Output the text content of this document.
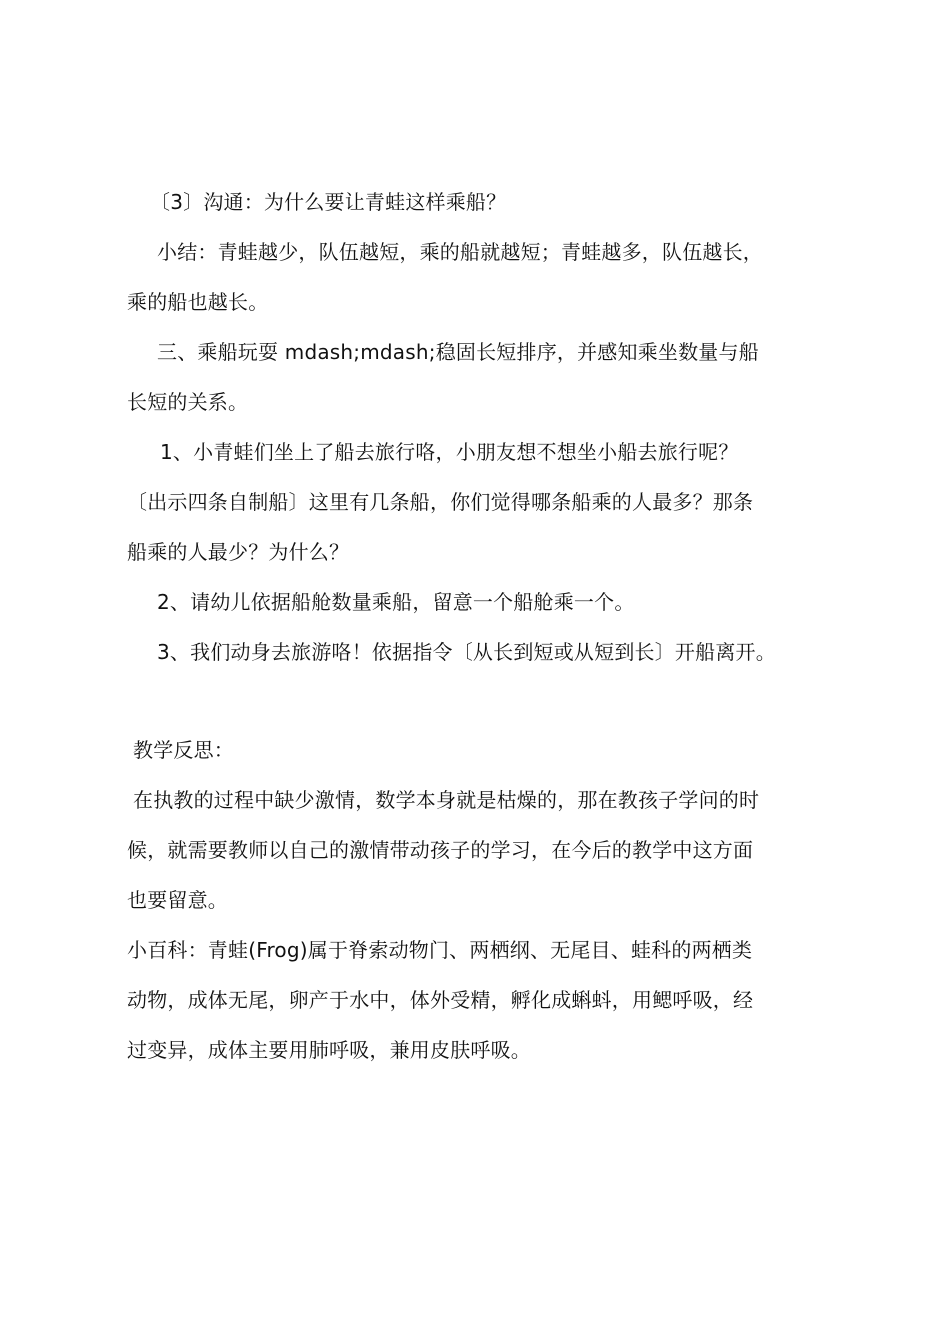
〔3〕沟通：为什么要让青蛙这样乘船？
小结：青蛙越少，队伍越短，乘的船就越短；青蛙越多，队伍越长，
乘的船也越长。
三、乘船玩耍 mdash;mdash;稳固长短排序，并感知乘坐数量与船
长短的关系。
1、小青蛙们坐上了船去旅行咯，小朋友想不想坐小船去旅行呢？
〔出示四条自制船〕这里有几条船，你们觉得哪条船乘的人最多？那条
船乘的人最少？为什么？
2、请幼儿依据船舱数量乘船，留意一个船舱乘一个。
3、我们动身去旅游咯！依据指令〔从长到短或从短到长〕开船离开。
教学反思：
在执教的过程中缺少激情，数学本身就是枯燥的，那在教孩子学问的时
候，就需要教师以自己的激情带动孩子的学习，在今后的教学中这方面
也要留意。
小百科：青蛙(Frog)属于脊索动物门、两栖纲、无尾目、蛙科的两栖类
动物，成体无尾，卵产于水中，体外受精，孵化成蝌蚪，用鳃呼吸，经
过变异，成体主要用肺呼吸，兼用皮肤呼吸。
